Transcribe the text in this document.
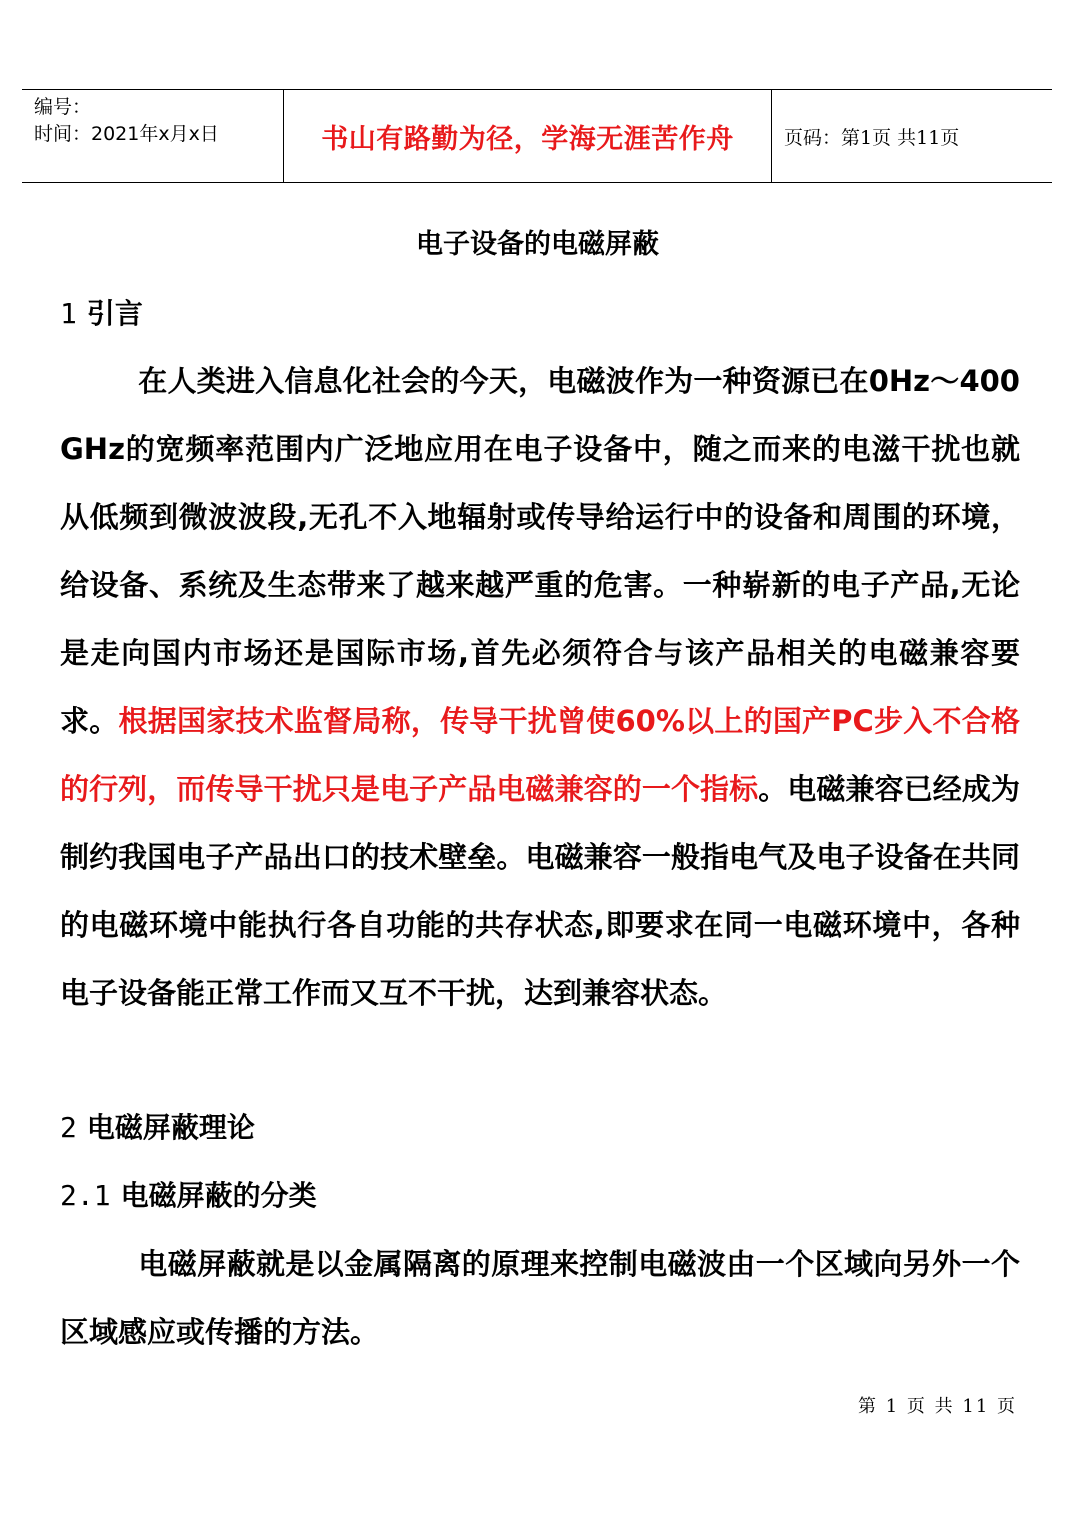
编号：
时间：2021年x月x日	书山有路勤为径，学海无涯苦作舟	页码：第1页 共11页
电子设备的电磁屏蔽
1 引言
在人类进入信息化社会的今天，电磁波作为一种资源已在0Hz～400 GHz的宽频率范围内广泛地应用在电子设备中，随之而来的电滋干扰也就从低频到微波波段,无孔不入地辐射或传导给运行中的设备和周围的环境，给设备、系统及生态带来了越来越严重的危害。一种崭新的电子产品,无论是走向国内市场还是国际市场,首先必须符合与该产品相关的电磁兼容要求。根据国家技术监督局称，传导干扰曾使60%以上的国产PC步入不合格的行列，而传导干扰只是电子产品电磁兼容的一个指标。电磁兼容已经成为制约我国电子产品出口的技术壁垒。电磁兼容一般指电气及电子设备在共同的电磁环境中能执行各自功能的共存状态,即要求在同一电磁环境中，各种电子设备能正常工作而又互不干扰，达到兼容状态。
2 电磁屏蔽理论
2.1 电磁屏蔽的分类
电磁屏蔽就是以金属隔离的原理来控制电磁波由一个区域向另外一个区域感应或传播的方法。
第 1 页 共 11 页
